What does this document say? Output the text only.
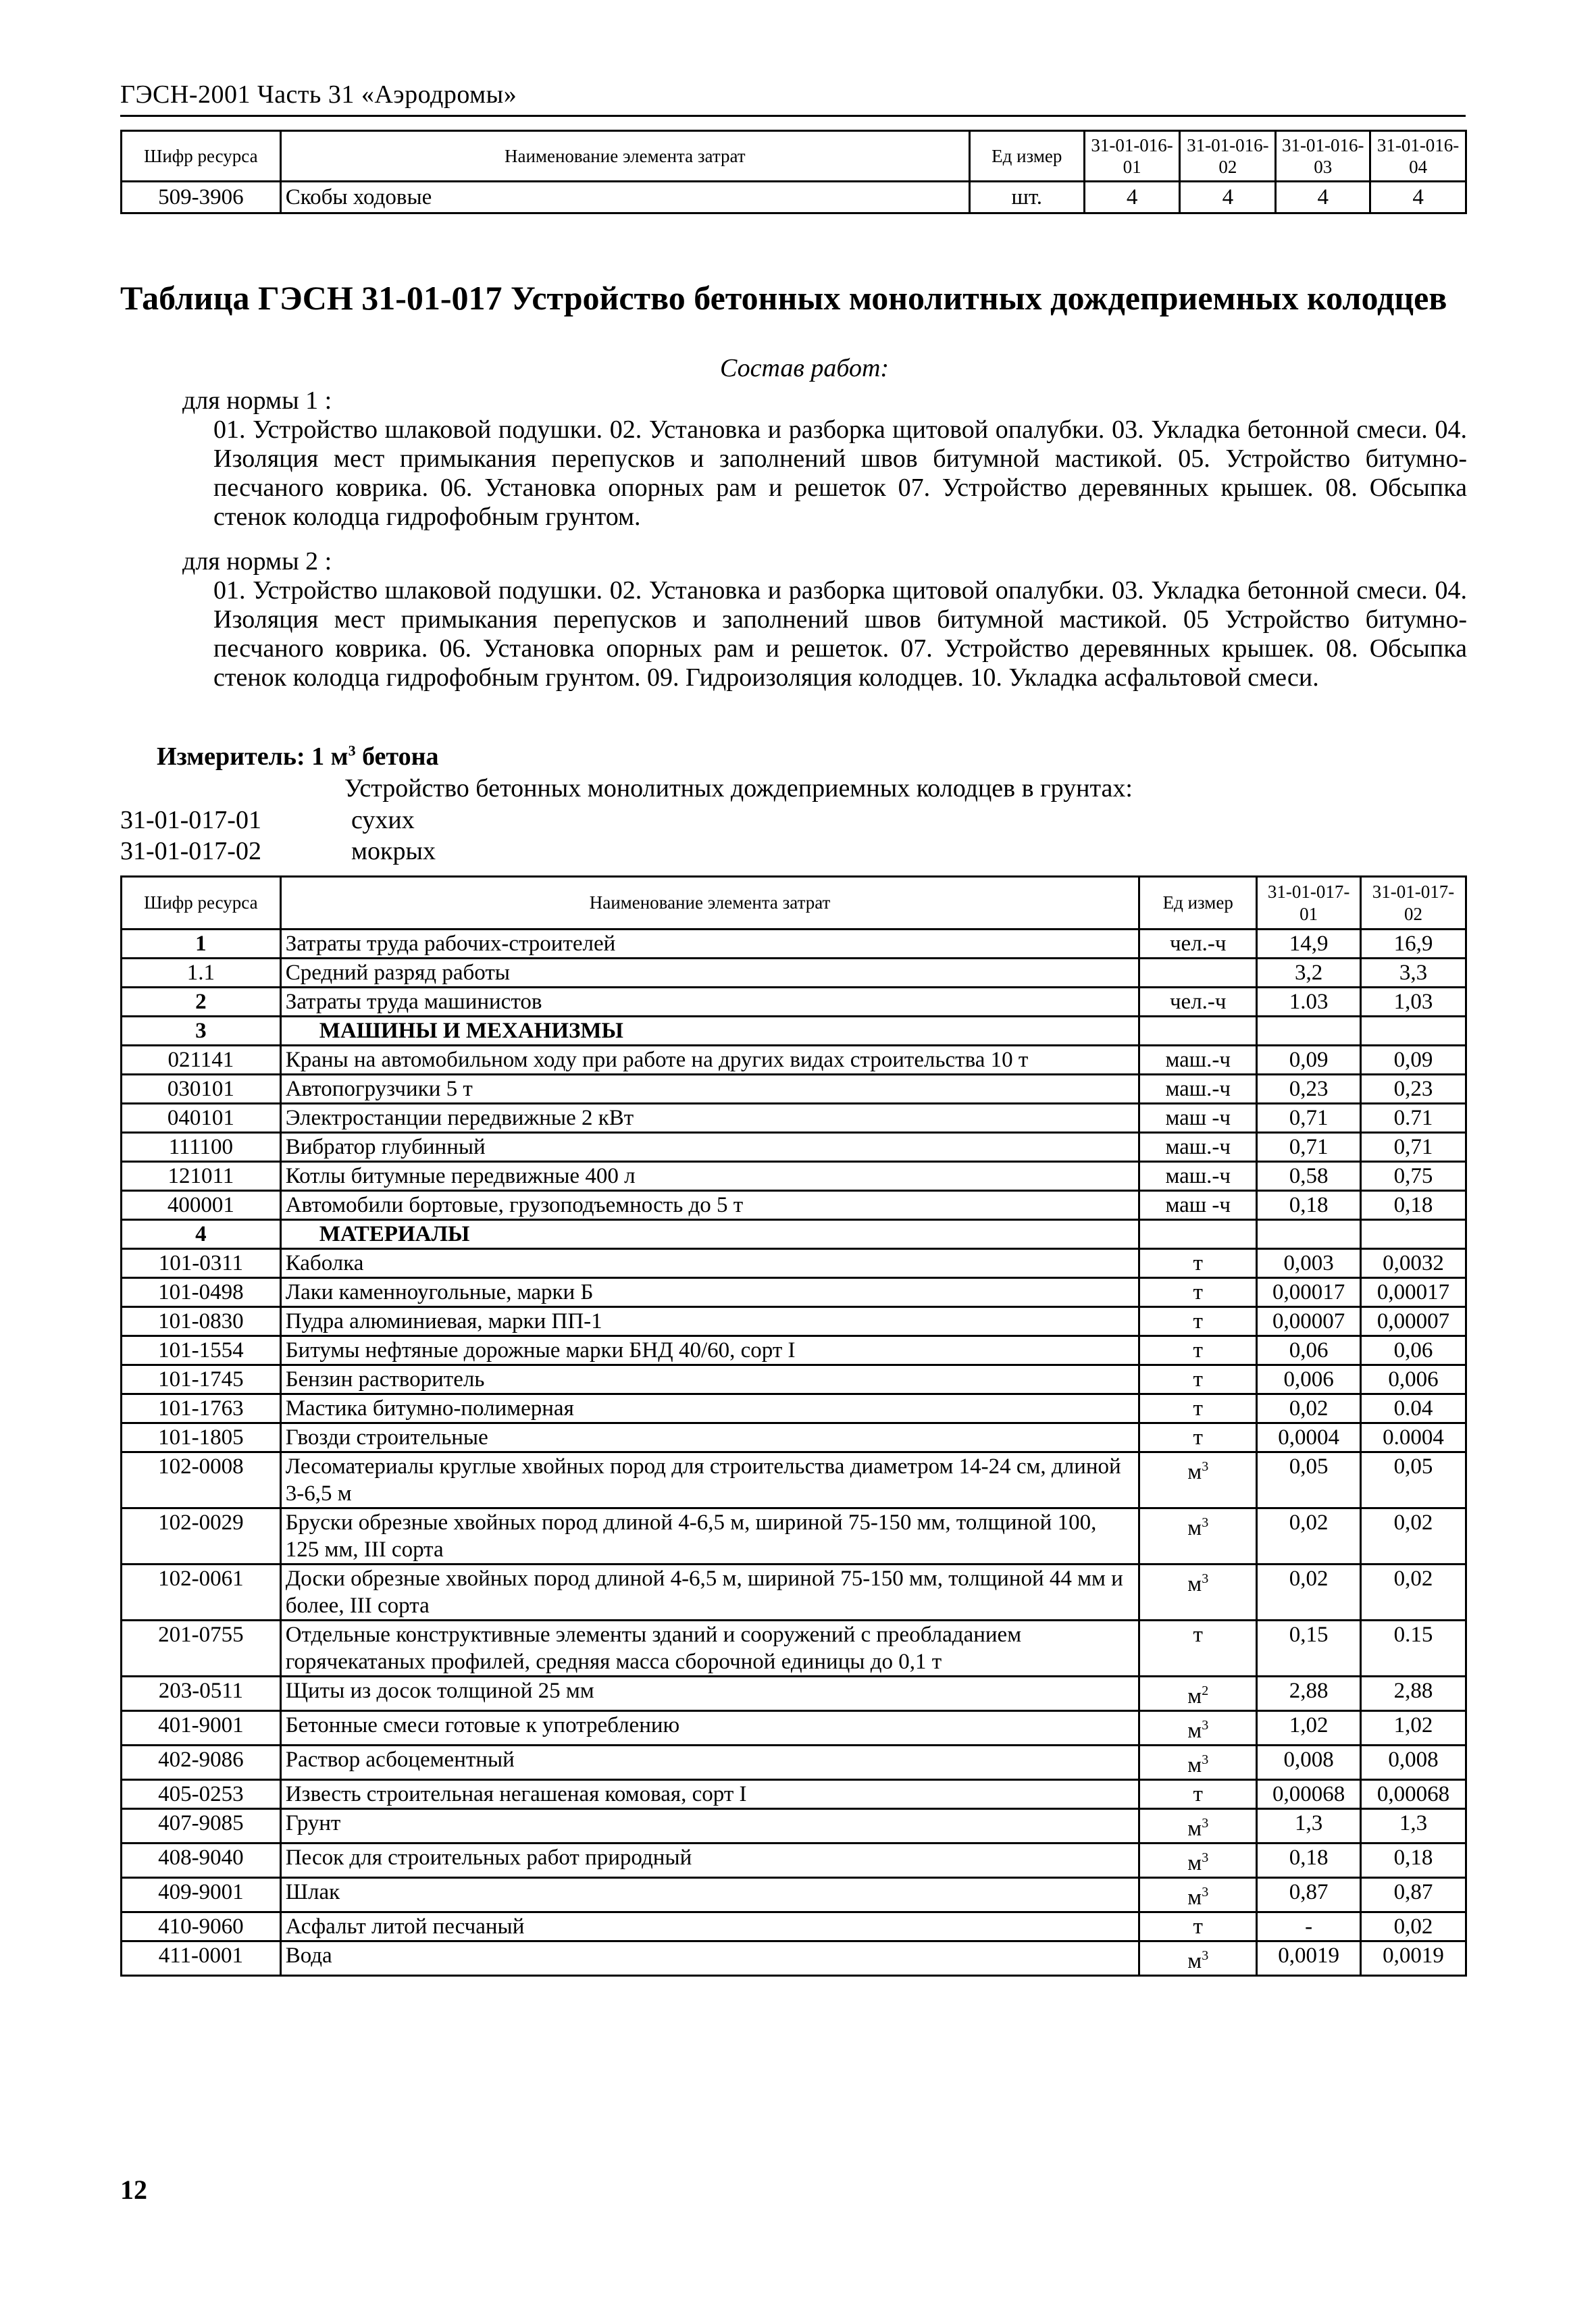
ГЭСН-2001 Часть 31 «Аэродромы»
Шифр ресурса	Наименование элемента затрат	Ед измер	31-01-016-01	31-01-016-02	31-01-016-03	31-01-016-04
509-3906	Скобы ходовые	шт.	4	4	4	4
Таблица ГЭСН 31-01-017 Устройство бетонных монолитных дождеприемных колодцев
Состав работ:

для нормы 1 :

01. Устройство шлаковой подушки. 02. Установка и разборка щитовой опалубки. 03. Укладка бетонной смеси. 04. Изоляция мест примыкания перепусков и заполнений швов битумной мастикой. 05. Устройство битумно-песчаного коврика. 06. Установка опорных рам и решеток 07. Устройство деревянных крышек. 08. Обсыпка стенок колодца гидрофобным грунтом.

для нормы 2 :

01. Устройство шлаковой подушки. 02. Установка и разборка щитовой опалубки. 03. Укладка бетонной смеси. 04. Изоляция мест примыкания перепусков и заполнений швов битумной мастикой. 05 Устройство битумно-песчаного коврика. 06. Установка опорных рам и решеток. 07. Устройство деревянных крышек. 08. Обсыпка стенок колодца гидрофобным грунтом. 09. Гидроизоляция колодцев. 10. Укладка асфальтовой смеси.

Измеритель: 1 $м^3$ бетона
Устройство бетонных монолитных дождеприемных колодцев в грунтах:
31-01-017-01	сухих
31-01-017-02	мокрых
Шифр ресурса	Наименование элемента затрат	Ед измер	31-01-017-01	31-01-017-02
1	Затраты труда рабочих-строителей	чел.-ч	14,9	16,9
1.1	Средний разряд работы		3,2	3,3
2	Затраты труда машинистов	чел.-ч	1.03	1,03
3	МАШИНЫ И МЕХАНИЗМЫ			
021141	Краны на автомобильном ходу при работе на других видах строительства 10 т	маш.-ч	0,09	0,09
030101	Автопогрузчики 5 т	маш.-ч	0,23	0,23
040101	Электростанции передвижные 2 кВт	маш -ч	0,71	0.71
111100	Вибратор глубинный	маш.-ч	0,71	0,71
121011	Котлы битумные передвижные 400 л	маш.-ч	0,58	0,75
400001	Автомобили бортовые, грузоподъемность до 5 т	маш -ч	0,18	0,18
4	МАТЕРИАЛЫ			
101-0311	Каболка	т	0,003	0,0032
101-0498	Лаки каменноугольные, марки Б	т	0,00017	0,00017
101-0830	Пудра алюминиевая, марки ПП-1	т	0,00007	0,00007
101-1554	Битумы нефтяные дорожные марки БНД 40/60, сорт I	т	0,06	0,06
101-1745	Бензин растворитель	т	0,006	0,006
101-1763	Мастика битумно-полимерная	т	0,02	0.04
101-1805	Гвозди строительные	т	0,0004	0.0004
102-0008	Лесоматериалы круглые хвойных пород для строительства диаметром 14-24 см, длиной 3-6,5 м	$м^3$	0,05	0,05
102-0029	Бруски обрезные хвойных пород длиной 4-6,5 м, шириной 75-150 мм, толщиной 100, 125 мм, III сорта	$м^3$	0,02	0,02
102-0061	Доски обрезные хвойных пород длиной 4-6,5 м, шириной 75-150 мм, толщиной 44 мм и более, III сорта	$м^3$	0,02	0,02
201-0755	Отдельные конструктивные элементы зданий и сооружений с преобладанием горячекатаных профилей, средняя масса сборочной единицы до 0,1 т	т	0,15	0.15
203-0511	Щиты из досок толщиной 25 мм	$м^2$	2,88	2,88
401-9001	Бетонные смеси готовые к употреблению	$м^3$	1,02	1,02
402-9086	Раствор асбоцементный	$м^3$	0,008	0,008
405-0253	Известь строительная негашеная комовая, сорт I	т	0,00068	0,00068
407-9085	Грунт	$м^3$	1,3	1,3
408-9040	Песок для строительных работ природный	$м^3$	0,18	0,18
409-9001	Шлак	$м^3$	0,87	0,87
410-9060	Асфальт литой песчаный	т	-	0,02
411-0001	Вода	$м^3$	0,0019	0,0019
12
